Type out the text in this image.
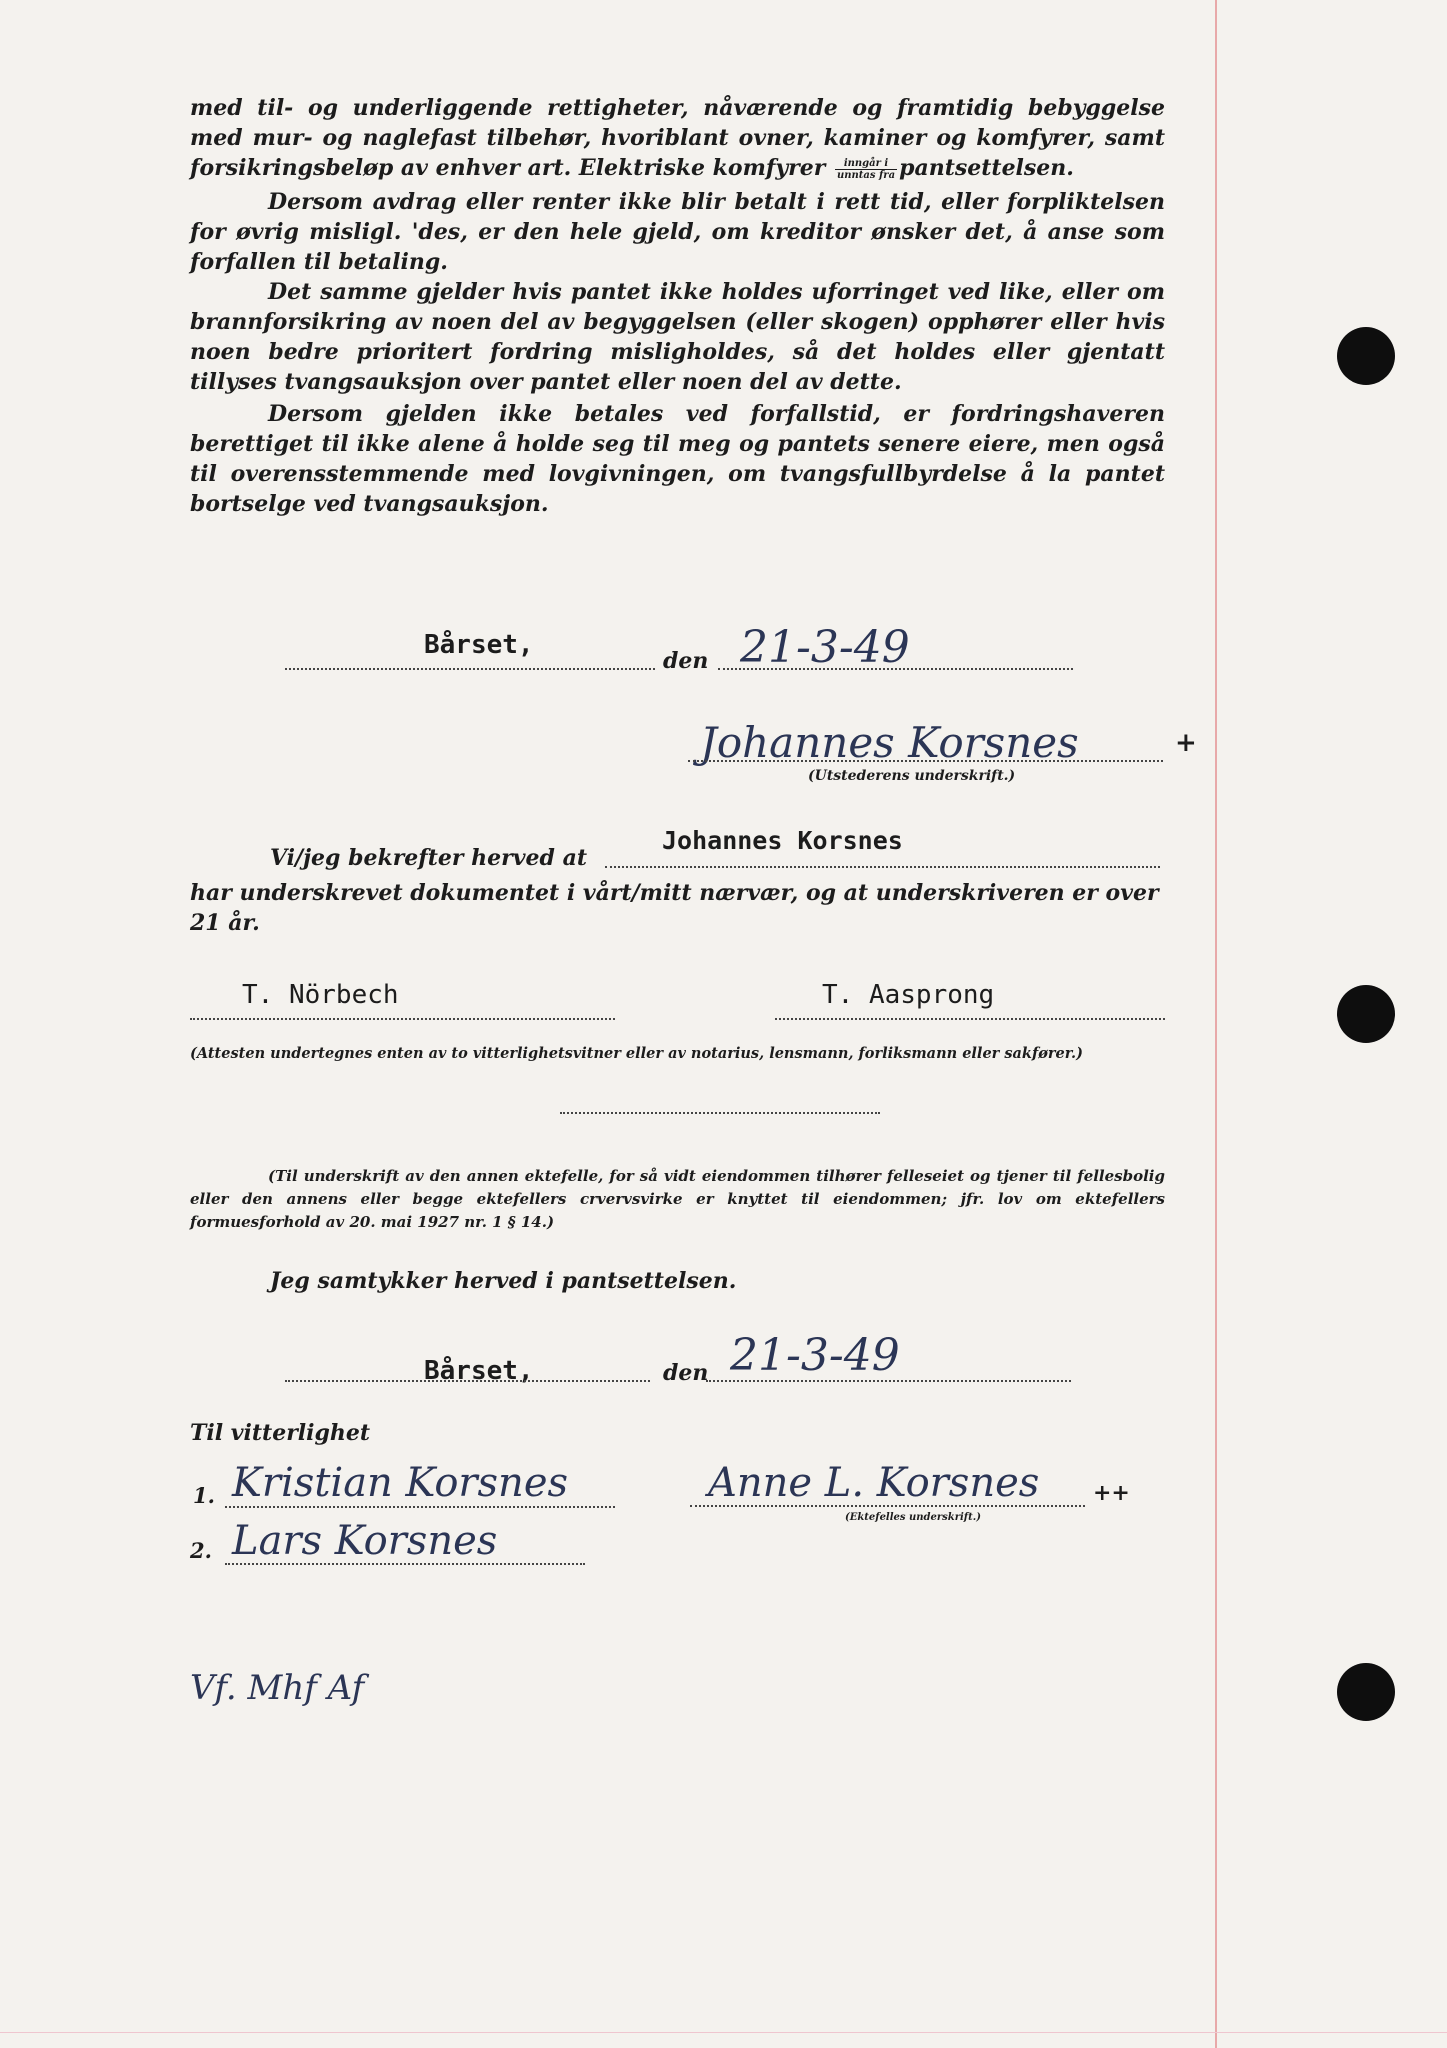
med til- og underliggende rettigheter, nåværende og framtidig bebyggelse med mur- og naglefast tilbehør, hvoriblant ovner, kaminer og komfyrer, samt forsikringsbeløp av enhver art. Elektriske komfyrer $\frac{\text{inngår i}}{\text{unntas fra}}$ pantsettelsen.

Dersom avdrag eller renter ikke blir betalt i rett tid, eller forpliktelsen for øvrig misligl. 'des, er den hele gjeld, om kreditor ønsker det, å anse som forfallen til betaling.

Det samme gjelder hvis pantet ikke holdes uforringet ved like, eller om brannforsikring av noen del av begyggelsen (eller skogen) opphører eller hvis noen bedre prioritert fordring misligholdes, så det holdes eller gjentatt tillyses tvangsauksjon over pantet eller noen del av dette.

Dersom gjelden ikke betales ved forfallstid, er fordringshaveren berettiget til ikke alene å holde seg til meg og pantets senere eiere, men også til overensstemmende med lovgivningen, om tvangsfullbyrdelse å la pantet bortselge ved tvangsauksjon.

Bårset,
den 21-3-49
Johannes Korsnes	+
(Utstederens underskrift.)
Vi/jeg bekrefter herved at
Johannes Korsnes

har underskrevet dokumentet i vårt/mitt nærvær, og at underskriveren er over 21 år.

T. Nörbech	T. Aasprong
(Attesten undertegnes enten av to vitterlighetsvitner eller av notarius, lensmann, forliksmann eller sakfører.)

(Til underskrift av den annen ektefelle, for så vidt eiendommen tilhører felleseiet og tjener til fellesbolig eller den annens eller begge ektefellers crvervsvirke er knyttet til eiendommen; jfr. lov om ektefellers formuesforhold av 20. mai 1927 nr. 1 § 14.)

Jeg samtykker herved i pantsettelsen.
Bårset,	den 21-3-49
Til vitterlighet
1. Kristian Korsnes
2. Lars Korsnes
Anne L. Korsnes ++
(Ektefelles underskrift.)
Vf. Mhf Af
